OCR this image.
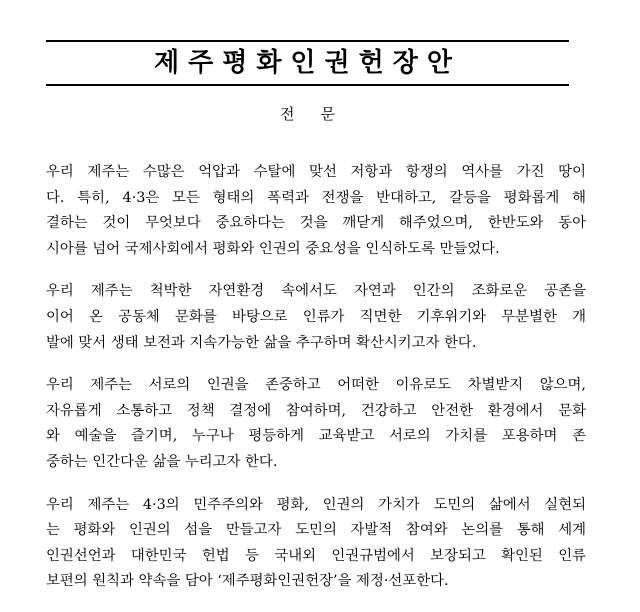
제주평화인권헌장안
전문

우리 제주는 수많은 억압과 수탈에 맞선 저항과 항쟁의 역사를 가진 땅이
다. 특히, 4·3은 모든 형태의 폭력과 전쟁을 반대하고, 갈등을 평화롭게 해
결하는 것이 무엇보다 중요하다는 것을 깨닫게 해주었으며, 한반도와 동아
시아를 넘어 국제사회에서 평화와 인권의 중요성을 인식하도록 만들었다.

우리 제주는 척박한 자연환경 속에서도 자연과 인간의 조화로운 공존을
이어 온 공동체 문화를 바탕으로 인류가 직면한 기후위기와 무분별한 개
발에 맞서 생태 보전과 지속가능한 삶을 추구하며 확산시키고자 한다.

우리 제주는 서로의 인권을 존중하고 어떠한 이유로도 차별받지 않으며,
자유롭게 소통하고 정책 결정에 참여하며, 건강하고 안전한 환경에서 문화
와 예술을 즐기며, 누구나 평등하게 교육받고 서로의 가치를 포용하며 존
중하는 인간다운 삶을 누리고자 한다.

우리 제주는 4·3의 민주주의와 평화, 인권의 가치가 도민의 삶에서 실현되
는 평화와 인권의 섬을 만들고자 도민의 자발적 참여와 논의를 통해 세계
인권선언과 대한민국 헌법 등 국내외 인권규범에서 보장되고 확인된 인류
보편의 원칙과 약속을 담아 ‘제주평화인권헌장’을 제정·선포한다.
